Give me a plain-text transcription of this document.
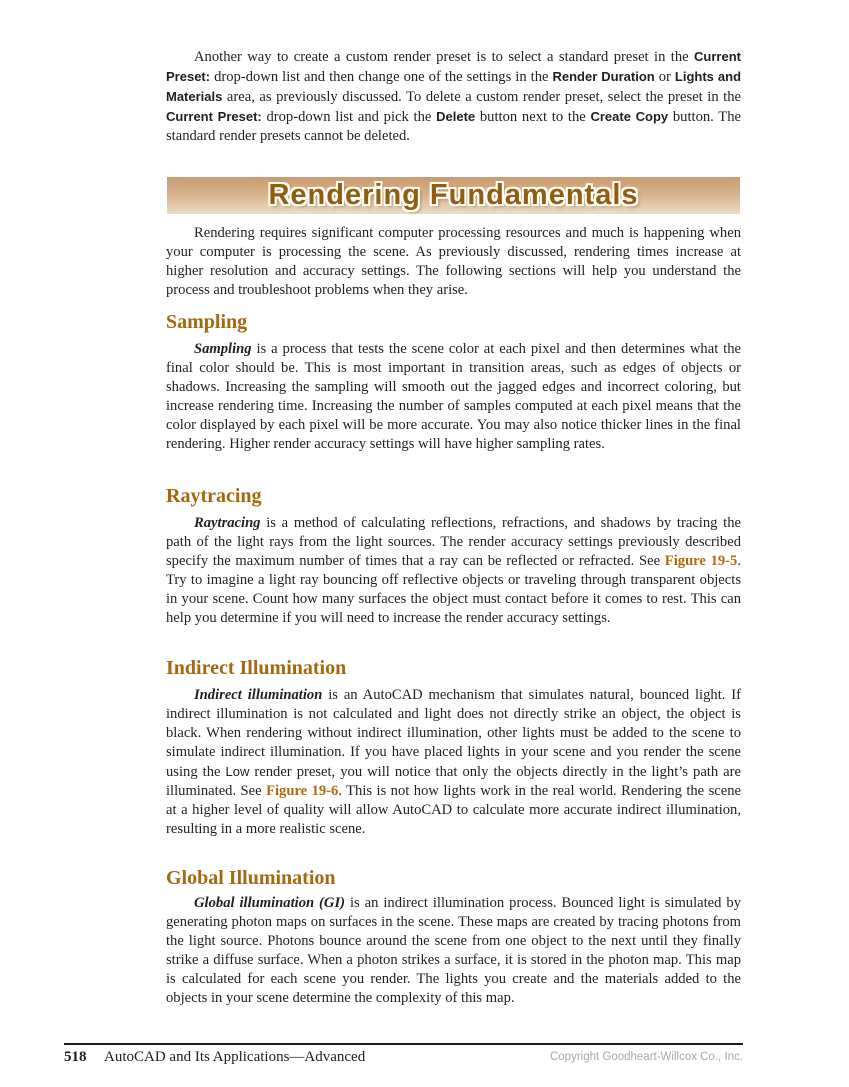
Another way to create a custom render preset is to select a standard preset in the Current Preset: drop-down list and then change one of the settings in the Render Duration or Lights and Materials area, as previously discussed. To delete a custom render preset, select the preset in the Current Preset: drop-down list and pick the Delete button next to the Create Copy button. The standard render presets cannot be deleted.

Rendering Fundamentals

Rendering requires significant computer processing resources and much is happening when your computer is processing the scene. As previously discussed, rendering times increase at higher resolution and accuracy settings. The following sections will help you understand the process and troubleshoot problems when they arise.

Sampling

Sampling is a process that tests the scene color at each pixel and then determines what the final color should be. This is most important in transition areas, such as edges of objects or shadows. Increasing the sampling will smooth out the jagged edges and incorrect coloring, but increase rendering time. Increasing the number of samples computed at each pixel means that the color displayed by each pixel will be more accurate. You may also notice thicker lines in the final rendering. Higher render accuracy settings will have higher sampling rates.

Raytracing

Raytracing is a method of calculating reflections, refractions, and shadows by tracing the path of the light rays from the light sources. The render accuracy settings previously described specify the maximum number of times that a ray can be reflected or refracted. See Figure 19-5. Try to imagine a light ray bouncing off reflective objects or traveling through transparent objects in your scene. Count how many surfaces the object must contact before it comes to rest. This can help you determine if you will need to increase the render accuracy settings.

Indirect Illumination

Indirect illumination is an AutoCAD mechanism that simulates natural, bounced light. If indirect illumination is not calculated and light does not directly strike an object, the object is black. When rendering without indirect illumination, other lights must be added to the scene to simulate indirect illumination. If you have placed lights in your scene and you render the scene using the Low render preset, you will notice that only the objects directly in the light’s path are illuminated. See Figure 19-6. This is not how lights work in the real world. Rendering the scene at a higher level of quality will allow AutoCAD to calculate more accurate indirect illumination, resulting in a more realistic scene.

Global Illumination

Global illumination (GI) is an indirect illumination process. Bounced light is simulated by generating photon maps on surfaces in the scene. These maps are created by tracing photons from the light source. Photons bounce around the scene from one object to the next until they finally strike a diffuse surface. When a photon strikes a surface, it is stored in the photon map. This map is calculated for each scene you render. The lights you create and the materials added to the objects in your scene determine the complexity of this map.

518 AutoCAD and Its Applications—Advanced	Copyright Goodheart-Willcox Co., Inc.
